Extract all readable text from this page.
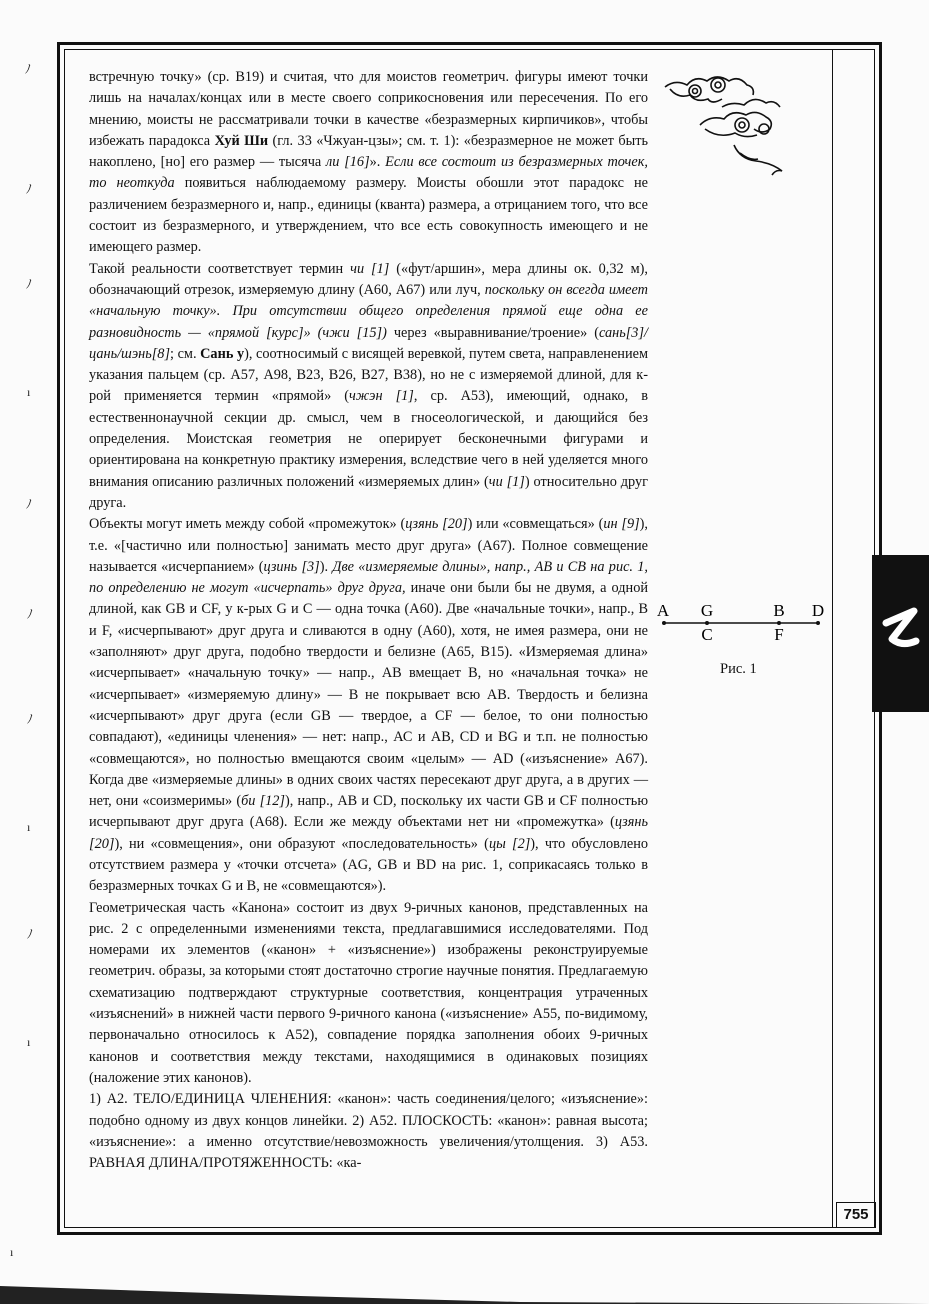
встречную точку» (ср. В19) и считая, что для моистов геометрич. фигуры имеют точки лишь на началах/концах или в месте своего соприкосновения или пересечения. По его мнению, моисты не рассматривали точки в качестве «безразмерных кирпичиков», чтобы избежать парадокса Хуй Ши (гл. 33 «Чжуан-цзы»; см. т. 1): «безразмерное не может быть накоплено, [но] его размер — тысяча ли [16]». Если все состоит из безразмерных точек, то неоткуда появиться наблюдаемому размеру. Моисты обошли этот парадокс не различением безразмерного и, напр., единицы (кванта) размера, а отрицанием того, что все состоит из безразмерного, и утверждением, что все есть совокупность имеющего и не имеющего размер.

Такой реальности соответствует термин чи [1] («фут/аршин», мера длины ок. 0,32 м), обозначающий отрезок, измеряемую длину (А60, А67) или луч, поскольку он всегда имеет «начальную точку». При отсутствии общего определения прямой еще одна ее разновидность — «прямой [курс]» (чжи [15]) через «выравнивание/троение» (сань[3]/цань/шэнь[8]; см. Сань у), соотносимый с висящей веревкой, путем света, направленением указания пальцем (ср. А57, А98, В23, В26, В27, В38), но не с измеряемой длиной, для к-рой применяется термин «прямой» (чжэн [1], ср. А53), имеющий, однако, в естественнонаучной секции др. смысл, чем в гносеологической, и дающийся без определения. Моистская геометрия не оперирует бесконечными фигурами и ориентирована на конкретную практику измерения, вследствие чего в ней уделяется много внимания описанию различных положений «измеряемых длин» (чи [1]) относительно друг друга.

Объекты могут иметь между собой «промежуток» (цзянь [20]) или «совмещаться» (ин [9]), т.е. «[частично или полностью] занимать место друг друга» (А67). Полное совмещение называется «исчерпанием» (цзинь [3]). Две «измеряемые длины», напр., АВ и СВ на рис. 1, по определению не могут «исчерпать» друг друга, иначе они были бы не двумя, а одной длиной, как GB и CF, у к-рых G и C — одна точка (А60). Две «начальные точки», напр., В и F, «исчерпывают» друг друга и сливаются в одну (А60), хотя, не имея размера, они не «заполняют» друг друга, подобно твердости и белизне (А65, В15). «Измеряемая длина» «исчерпывает» «начальную точку» — напр., АВ вмещает В, но «начальная точка» не «исчерпывает» «измеряемую длину» — В не покрывает всю АВ. Твердость и белизна «исчерпывают» друг друга (если GB — твердое, а CF — белое, то они полностью совпадают), «единицы членения» — нет: напр., АС и АВ, CD и BG и т.п. не полностью «совмещаются», но полностью вмещаются своим «целым» — AD («изъяснение» А67). Когда две «измеряемые длины» в одних своих частях пересекают друг друга, а в других — нет, они «соизмеримы» (би [12]), напр., АВ и CD, поскольку их части GB и CF полностью исчерпывают друг друга (А68). Если же между объектами нет ни «промежутка» (цзянь [20]), ни «совмещения», они образуют «последовательность» (цы [2]), что обусловлено отсутствием размера у «точки отсчета» (AG, GB и BD на рис. 1, соприкасаясь только в безразмерных точках G и В, не «совмещаются»).

Геометрическая часть «Канона» состоит из двух 9-ричных канонов, представленных на рис. 2 с определенными изменениями текста, предлагавшимися исследователями. Под номерами их элементов («канон» + «изъяснение») изображены реконструируемые геометрич. образы, за которыми стоят достаточно строгие научные понятия. Предлагаемую схематизацию подтверждают структурные соответствия, концентрация утраченных «изъяснений» в нижней части первого 9-ричного канона («изъяснение» А55, по-видимому, первоначально относилось к А52), совпадение порядка заполнения обоих 9-ричных канонов и соответствия между текстами, находящимися в одинаковых позициях (наложение этих канонов).

1) А2. ТЕЛО/ЕДИНИЦА ЧЛЕНЕНИЯ: «канон»: часть соединения/целого; «изъяснение»: подобно одному из двух концов линейки. 2) А52. ПЛОСКОСТЬ: «канон»: равная высота; «изъяснение»: а именно отсутствие/невозможность увеличения/утолщения. 3) А53. РАВНАЯ ДЛИНА/ПРОТЯЖЕННОСТЬ: «ка-

A G	B D
C	F
Рис. 1
755
ﾉ
ﾉ
ﾉ
ı
ﾉ
ﾉ
ﾉ
ı
ﾉ
ı
ı
